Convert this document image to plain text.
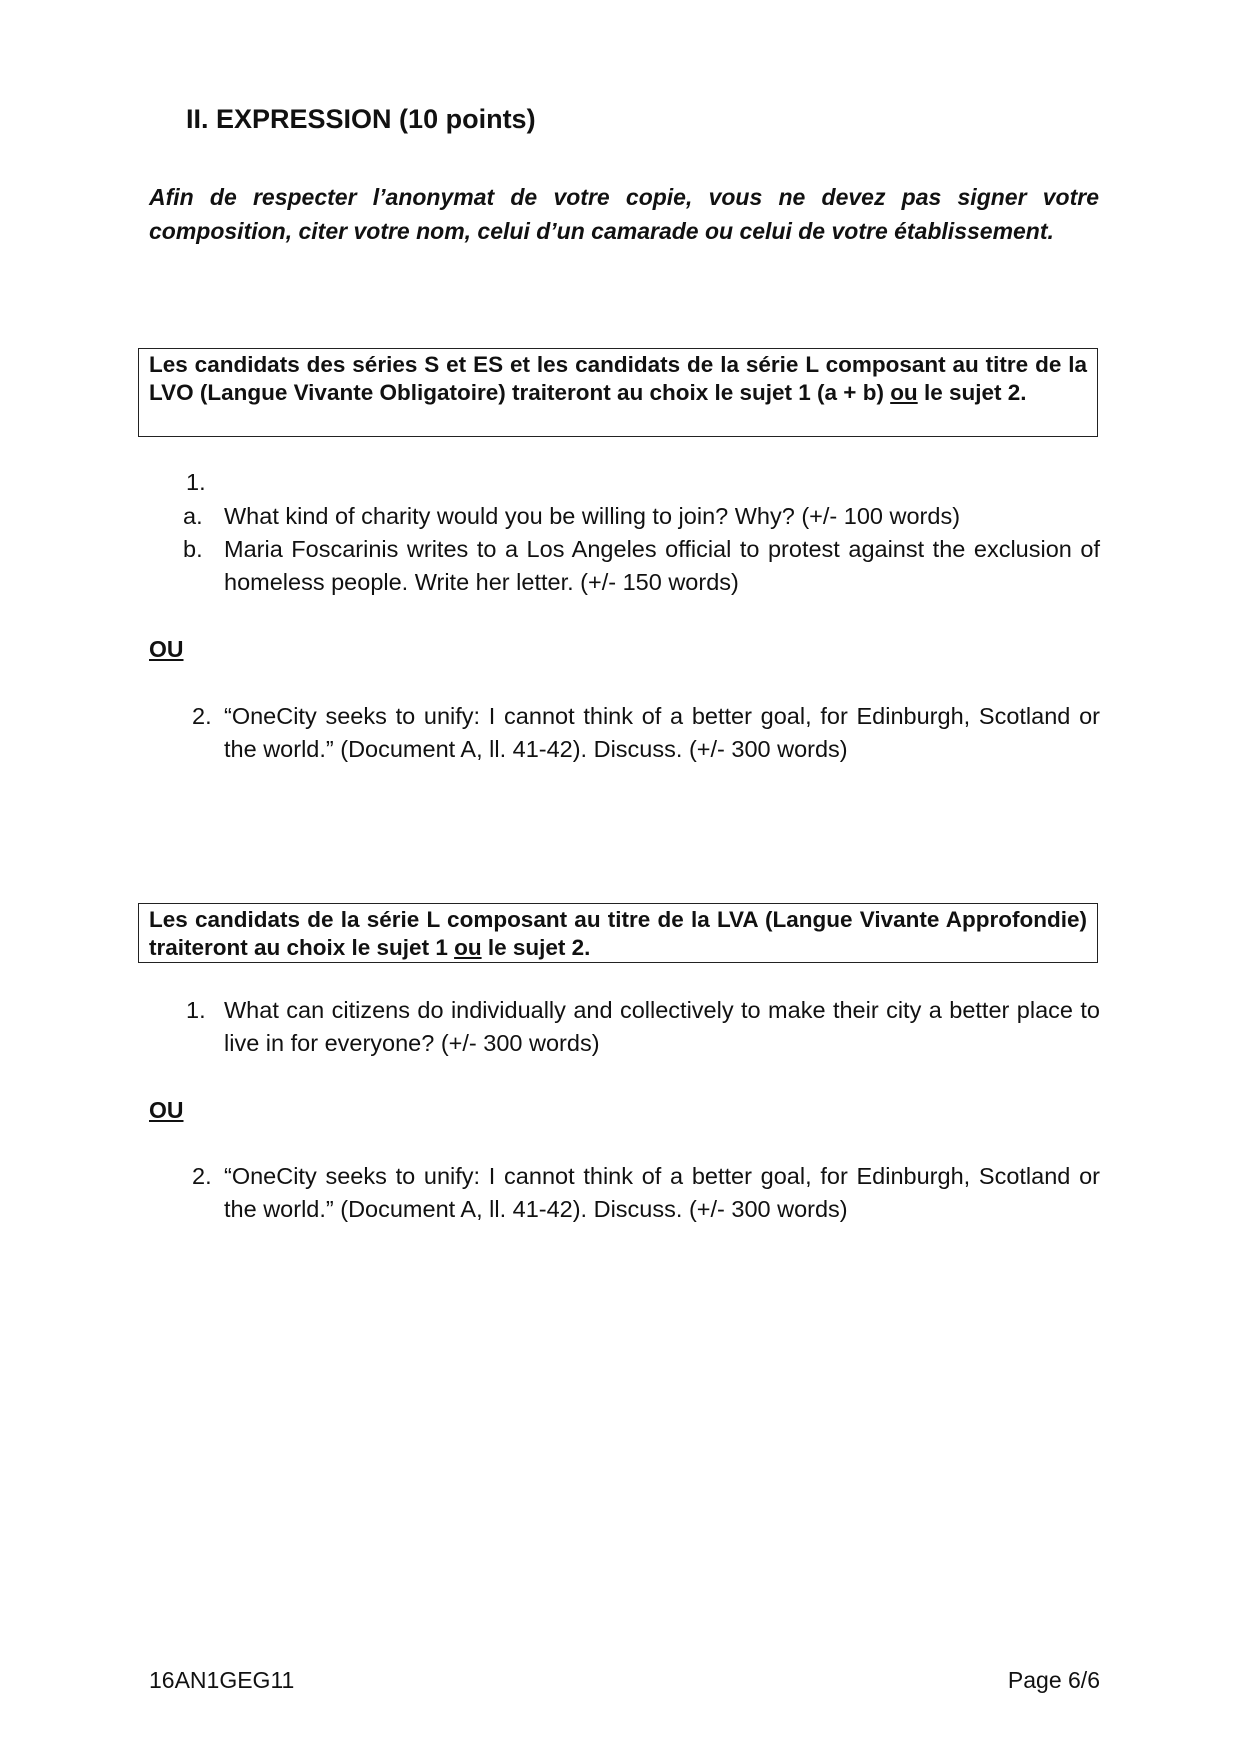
II. EXPRESSION (10 points)
Afin de respecter l’anonymat de votre copie, vous ne devez pas signer votre composition, citer votre nom, celui d’un camarade ou celui de votre établissement.
Les candidats des séries S et ES et les candidats de la série L composant au titre de la LVO (Langue Vivante Obligatoire) traiteront au choix le sujet 1 (a + b) ou le sujet 2.
1.
a. What kind of charity would you be willing to join? Why? (+/- 100 words)
b. Maria Foscarinis writes to a Los Angeles official to protest against the exclusion of homeless people. Write her letter. (+/- 150 words)
OU
2. “OneCity seeks to unify: I cannot think of a better goal, for Edinburgh, Scotland or the world.” (Document A, ll. 41-42). Discuss. (+/- 300 words)
Les candidats de la série L composant au titre de la LVA (Langue Vivante Approfondie) traiteront au choix le sujet 1 ou le sujet 2.
1. What can citizens do individually and collectively to make their city a better place to live in for everyone? (+/- 300 words)
OU
2. “OneCity seeks to unify: I cannot think of a better goal, for Edinburgh, Scotland or the world.” (Document A, ll. 41-42). Discuss. (+/- 300 words)
16AN1GEG11	Page 6/6
